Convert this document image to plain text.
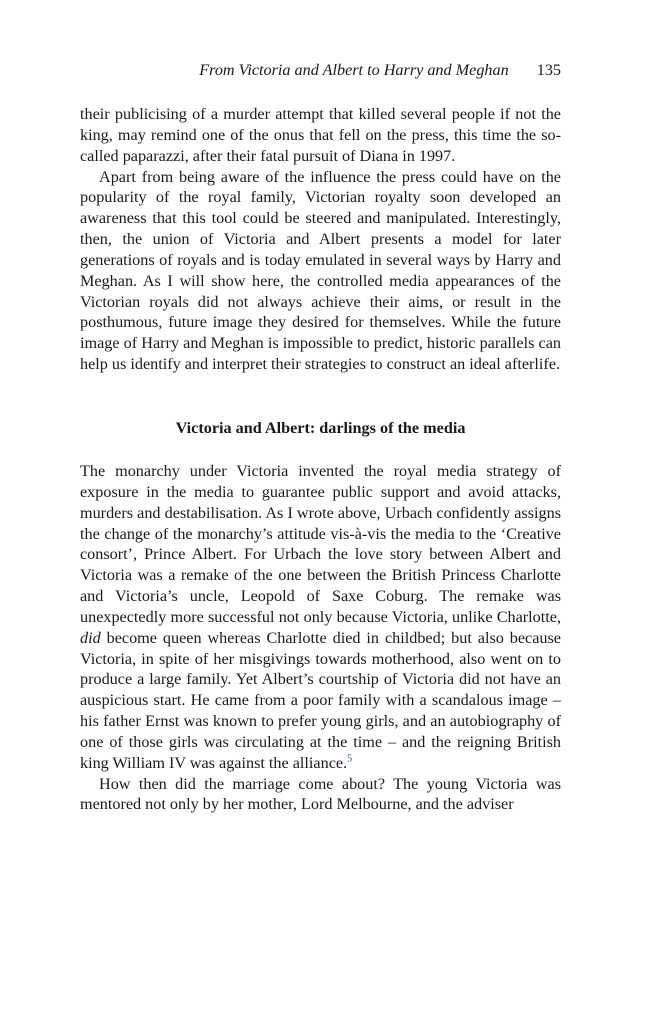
From Victoria and Albert to Harry and Meghan 135

their publicising of a murder attempt that killed several people if not the king, may remind one of the onus that fell on the press, this time the so-called paparazzi, after their fatal pursuit of Diana in 1997.

Apart from being aware of the influence the press could have on the popularity of the royal family, Victorian royalty soon developed an awareness that this tool could be steered and manipulated. Interestingly, then, the union of Victoria and Albert presents a model for later generations of royals and is today emulated in several ways by Harry and Meghan. As I will show here, the controlled media appearances of the Victorian royals did not always achieve their aims, or result in the posthumous, future image they desired for themselves. While the future image of Harry and Meghan is impossible to predict, historic parallels can help us identify and interpret their strategies to construct an ideal afterlife.

Victoria and Albert: darlings of the media

The monarchy under Victoria invented the royal media strategy of exposure in the media to guarantee public support and avoid attacks, murders and destabilisation. As I wrote above, Urbach confidently assigns the change of the monarchy’s attitude vis-à-vis the media to the ‘Creative consort’, Prince Albert. For Urbach the love story between Albert and Victoria was a remake of the one between the British Princess Charlotte and Victoria’s uncle, Leopold of Saxe Coburg. The remake was unexpectedly more successful not only because Victoria, unlike Charlotte, did become queen whereas Charlotte died in childbed; but also because Victoria, in spite of her misgivings towards motherhood, also went on to produce a large family. Yet Albert’s courtship of Victoria did not have an auspicious start. He came from a poor family with a scandalous image – his father Ernst was known to prefer young girls, and an autobiography of one of those girls was circulating at the time – and the reigning British king William IV was against the alliance.$^5$

How then did the marriage come about? The young Victoria was mentored not only by her mother, Lord Melbourne, and the adviser
